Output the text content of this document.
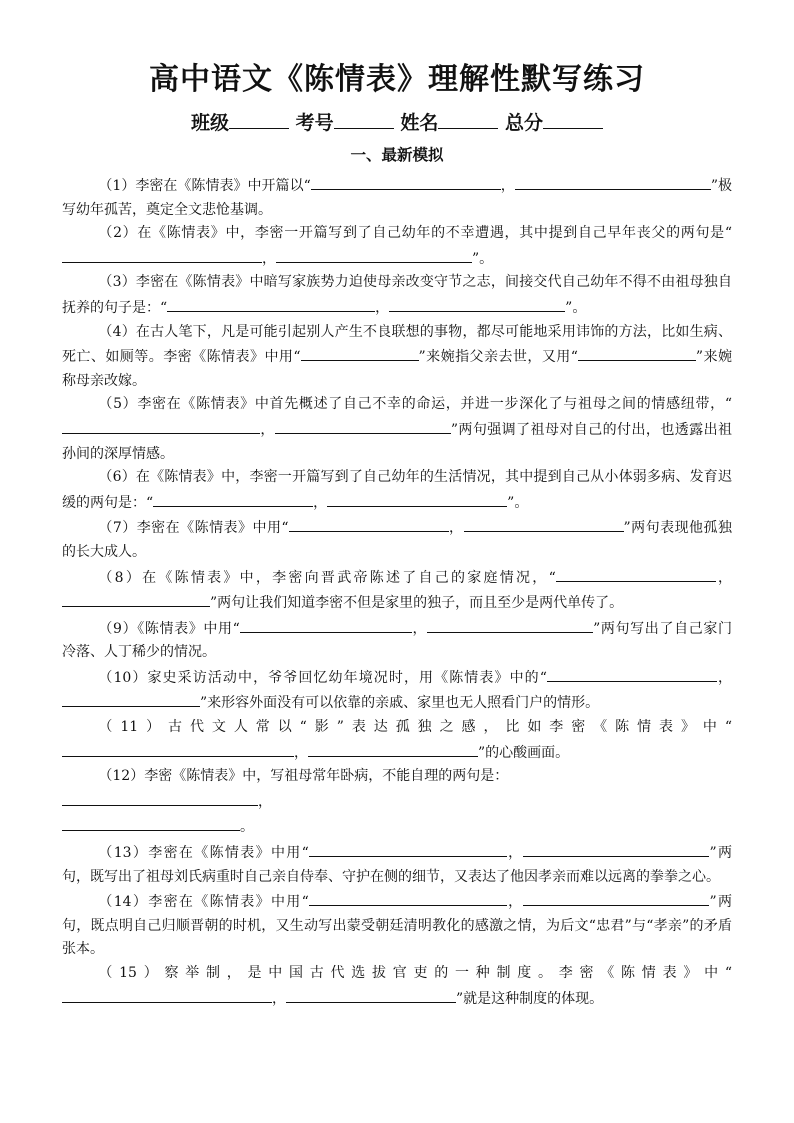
高中语文《陈情表》理解性默写练习
班级	考号	姓名	总分
一、最新模拟

（1）李密在《陈情表》中开篇以“	，	”极写幼年孤苦，奠定全文悲怆基调。

（2）在《陈情表》中，李密一开篇写到了自己幼年的不幸遭遇，其中提到自己早年丧父的两句是“，	”。

（3）李密在《陈情表》中暗写家族势力迫使母亲改变守节之志，间接交代自己幼年不得不由祖母独自抚养的句子是：“	，	”。

（4）在古人笔下，凡是可能引起别人产生不良联想的事物，都尽可能地采用讳饰的方法，比如生病、死亡、如厕等。李密《陈情表》中用“	”来婉指父亲去世，又用“	”来婉称母亲改嫁。

（5）李密在《陈情表》中首先概述了自己不幸的命运，并进一步深化了与祖母之间的情感纽带，“，	”两句强调了祖母对自己的付出，也透露出祖孙间的深厚情感。

（6）在《陈情表》中，李密一开篇写到了自己幼年的生活情况，其中提到自己从小体弱多病、发育迟缓的两句是：“	，	”。

（7）李密在《陈情表》中用“	，	”两句表现他孤独的长大成人。

（8）在《陈情表》中，李密向晋武帝陈述了自己的家庭情况，“	，”两句让我们知道李密不但是家里的独子，而且至少是两代单传了。

（9）《陈情表》中用“	，	”两句写出了自己家门冷落、人丁稀少的情况。

（10）家史采访活动中，爷爷回忆幼年境况时，用《陈情表》中的“	，”来形容外面没有可以依靠的亲戚、家里也无人照看门户的情形。

（11）古代文人常以“影”表达孤独之感，比如李密《陈情表》中“，	”的心酸画面。

（12）李密《陈情表》中，写祖母常年卧病，不能自理的两句是：
，
。

（13）李密在《陈情表》中用“	，	”两句，既写出了祖母刘氏病重时自己亲自侍奉、守护在侧的细节，又表达了他因孝亲而难以远离的拳拳之心。

（14）李密在《陈情表》中用“	，	”两句，既点明自己归顺晋朝的时机，又生动写出蒙受朝廷清明教化的感激之情，为后文“忠君”与“孝亲”的矛盾张本。

（15）察举制，是中国古代选拔官吏的一种制度。李密《陈情表》中“，	”就是这种制度的体现。
